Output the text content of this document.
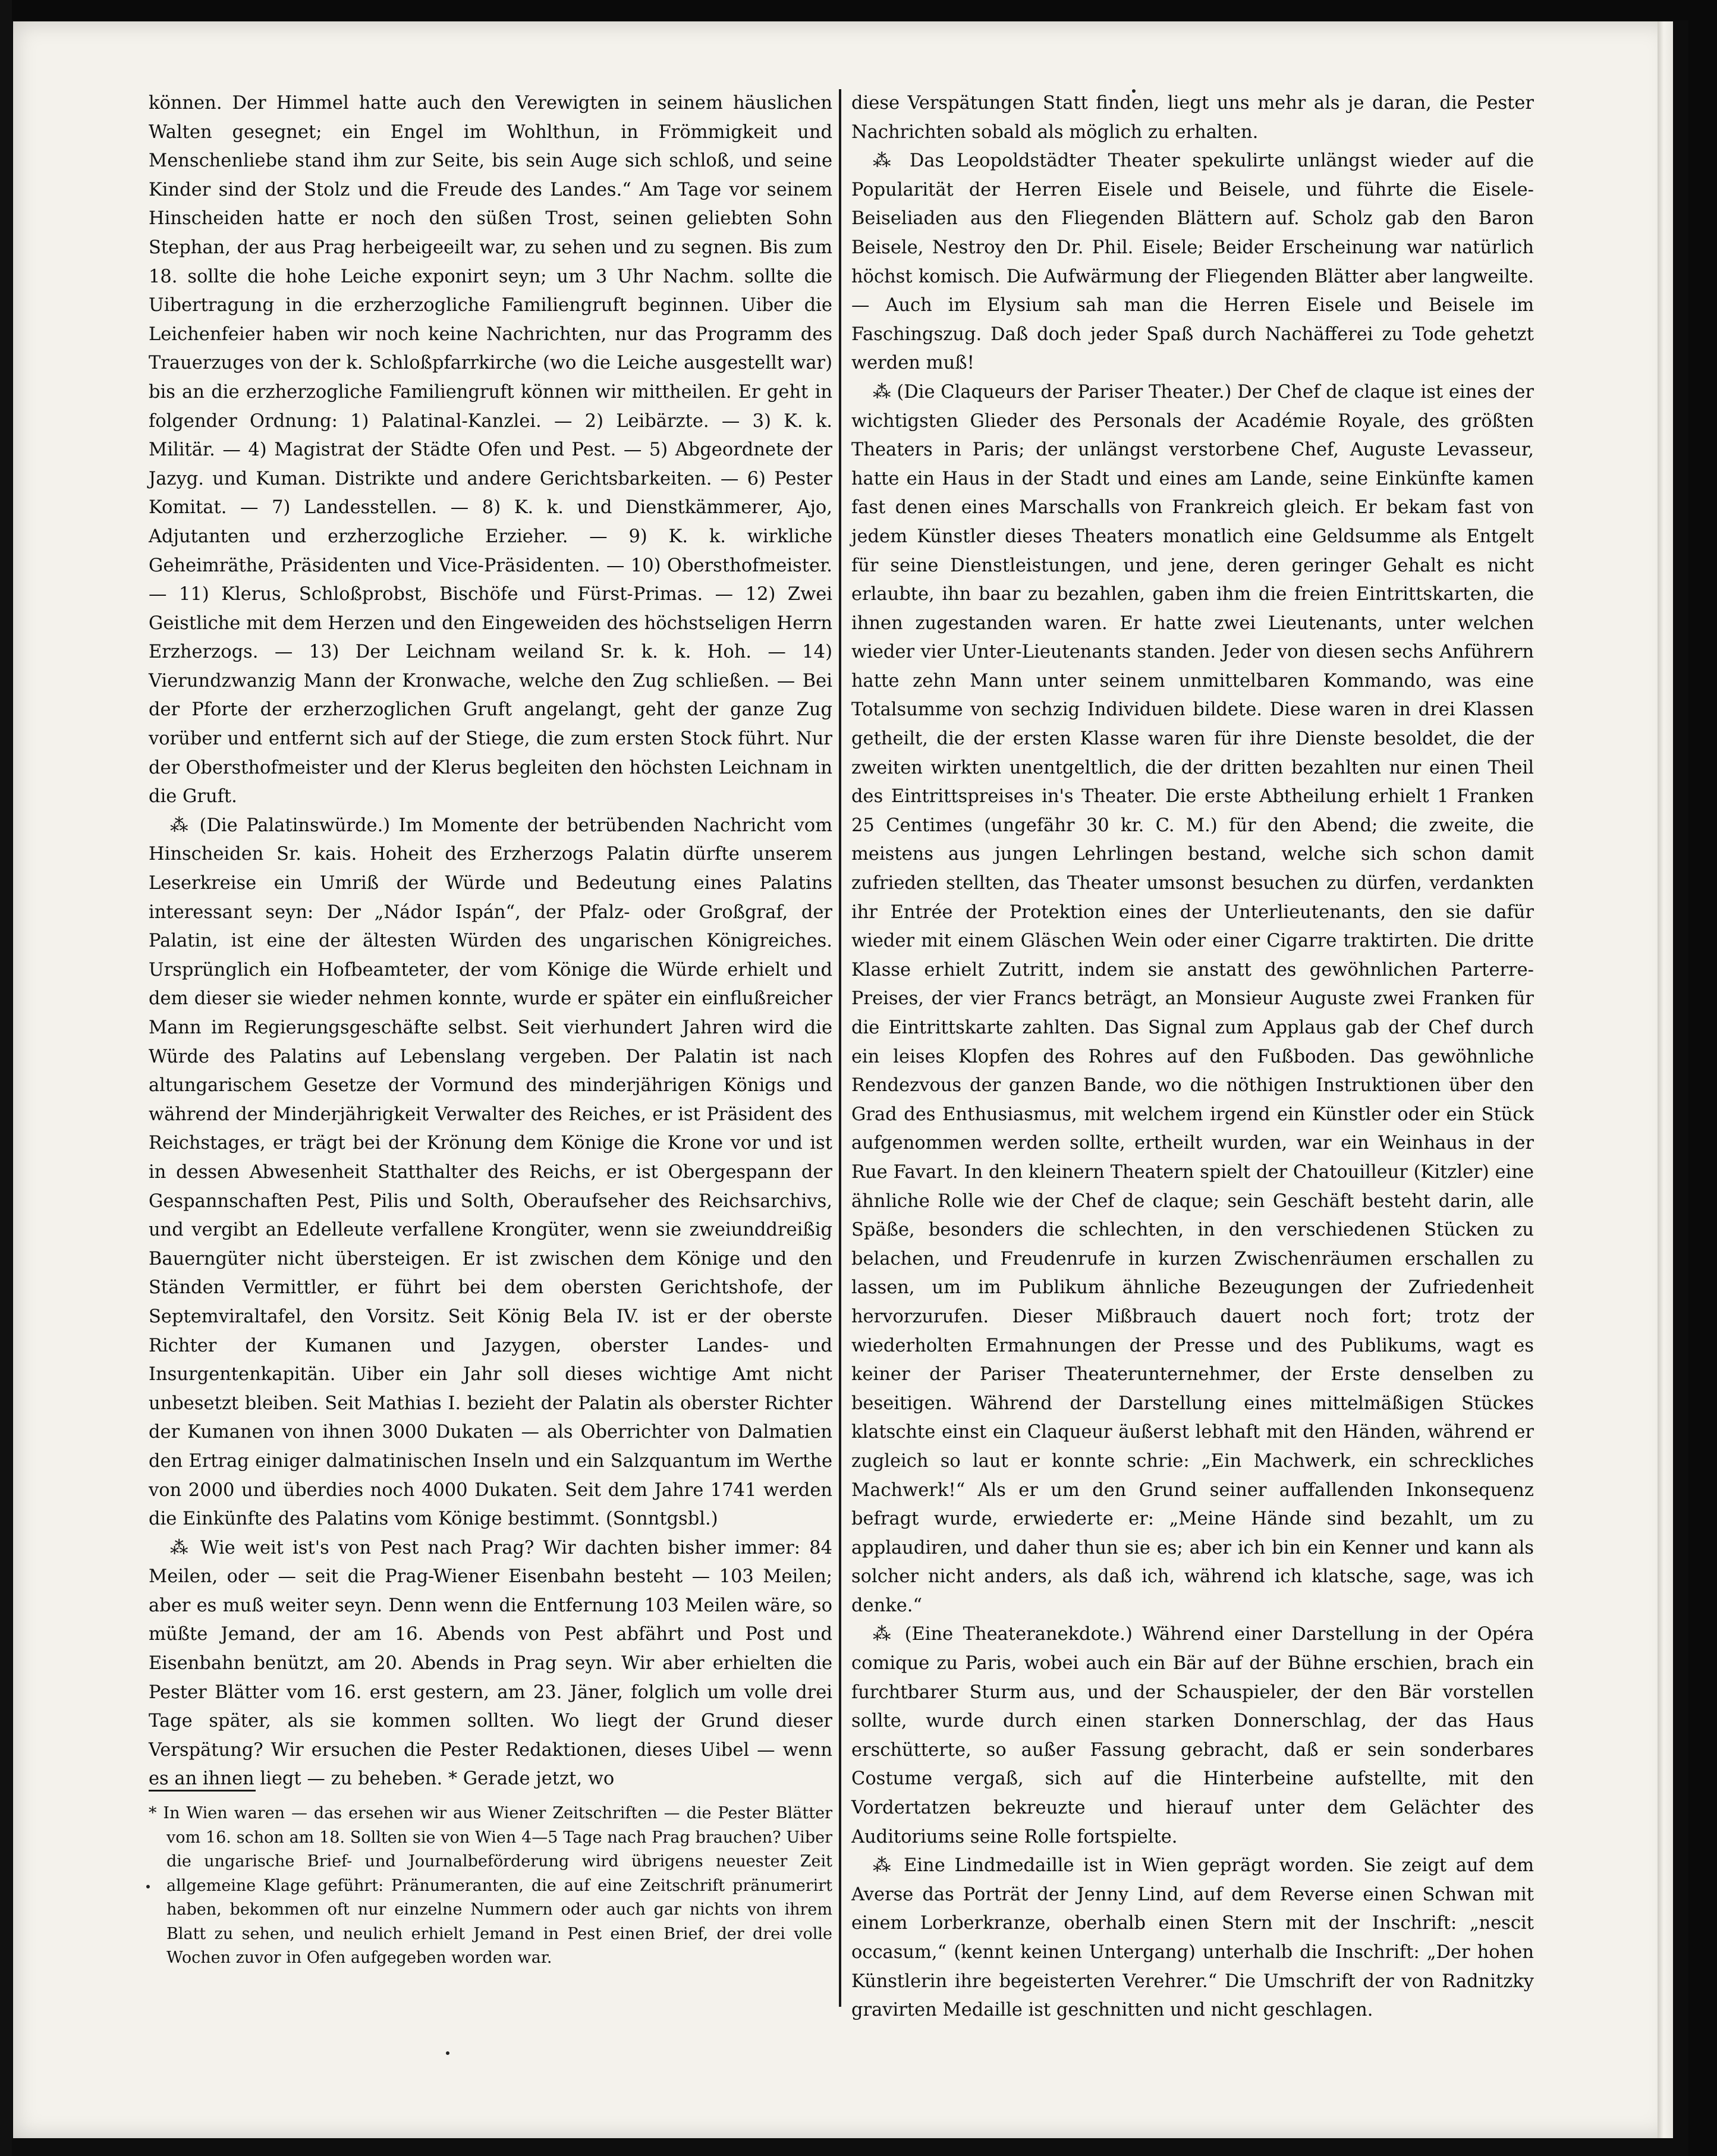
können. Der Himmel hatte auch den Verewigten in seinem häuslichen Walten gesegnet; ein Engel im Wohlthun, in Frömmigkeit und Menschenliebe stand ihm zur Seite, bis sein Auge sich schloß, und seine Kinder sind der Stolz und die Freude des Landes.“ Am Tage vor seinem Hinscheiden hatte er noch den süßen Trost, seinen geliebten Sohn Stephan, der aus Prag herbeigeeilt war, zu sehen und zu segnen. Bis zum 18. sollte die hohe Leiche exponirt seyn; um 3 Uhr Nachm. sollte die Uibertragung in die erzherzogliche Familiengruft beginnen. Uiber die Leichenfeier haben wir noch keine Nachrichten, nur das Programm des Trauerzuges von der k. Schloßpfarrkirche (wo die Leiche ausgestellt war) bis an die erzherzogliche Familiengruft können wir mittheilen. Er geht in folgender Ordnung: 1) Palatinal-Kanzlei. — 2) Leibärzte. — 3) K. k. Militär. — 4) Magistrat der Städte Ofen und Pest. — 5) Abgeordnete der Jazyg. und Kuman. Distrikte und andere Gerichtsbarkeiten. — 6) Pester Komitat. — 7) Landesstellen. — 8) K. k. und Dienstkämmerer, Ajo, Adjutanten und erzherzogliche Erzieher. — 9) K. k. wirkliche Geheimräthe, Präsidenten und Vice-Präsidenten. — 10) Obersthofmeister. — 11) Klerus, Schloßprobst, Bischöfe und Fürst-Primas. — 12) Zwei Geistliche mit dem Herzen und den Eingeweiden des höchstseligen Herrn Erzherzogs. — 13) Der Leichnam weiland Sr. k. k. Hoh. — 14) Vierundzwanzig Mann der Kronwache, welche den Zug schließen. — Bei der Pforte der erzherzoglichen Gruft angelangt, geht der ganze Zug vorüber und entfernt sich auf der Stiege, die zum ersten Stock führt. Nur der Obersthofmeister und der Klerus begleiten den höchsten Leichnam in die Gruft.

⁂ (Die Palatinswürde.) Im Momente der betrübenden Nachricht vom Hinscheiden Sr. kais. Hoheit des Erzherzogs Palatin dürfte unserem Leserkreise ein Umriß der Würde und Bedeutung eines Palatins interessant seyn: Der „Nádor Ispán“, der Pfalz- oder Großgraf, der Palatin, ist eine der ältesten Würden des ungarischen Königreiches. Ursprünglich ein Hofbeamteter, der vom Könige die Würde erhielt und dem dieser sie wieder nehmen konnte, wurde er später ein einflußreicher Mann im Regierungsgeschäfte selbst. Seit vierhundert Jahren wird die Würde des Palatins auf Lebenslang vergeben. Der Palatin ist nach altungarischem Gesetze der Vormund des minderjährigen Königs und während der Minderjährigkeit Verwalter des Reiches, er ist Präsident des Reichstages, er trägt bei der Krönung dem Könige die Krone vor und ist in dessen Abwesenheit Statthalter des Reichs, er ist Obergespann der Gespannschaften Pest, Pilis und Solth, Oberaufseher des Reichsarchivs, und vergibt an Edelleute verfallene Krongüter, wenn sie zweiunddreißig Bauerngüter nicht übersteigen. Er ist zwischen dem Könige und den Ständen Vermittler, er führt bei dem obersten Gerichtshofe, der Septemviraltafel, den Vorsitz. Seit König Bela IV. ist er der oberste Richter der Kumanen und Jazygen, oberster Landes- und Insurgentenkapitän. Uiber ein Jahr soll dieses wichtige Amt nicht unbesetzt bleiben. Seit Mathias I. bezieht der Palatin als oberster Richter der Kumanen von ihnen 3000 Dukaten — als Oberrichter von Dalmatien den Ertrag einiger dalmatinischen Inseln und ein Salzquantum im Werthe von 2000 und überdies noch 4000 Dukaten. Seit dem Jahre 1741 werden die Einkünfte des Palatins vom Könige bestimmt. (Sonntgsbl.)

⁂ Wie weit ist's von Pest nach Prag? Wir dachten bisher immer: 84 Meilen, oder — seit die Prag-Wiener Eisenbahn besteht — 103 Meilen; aber es muß weiter seyn. Denn wenn die Entfernung 103 Meilen wäre, so müßte Jemand, der am 16. Abends von Pest abfährt und Post und Eisenbahn benützt, am 20. Abends in Prag seyn. Wir aber erhielten die Pester Blätter vom 16. erst gestern, am 23. Jäner, folglich um volle drei Tage später, als sie kommen sollten. Wo liegt der Grund dieser Verspätung? Wir ersuchen die Pester Redaktionen, dieses Uibel — wenn es an ihnen liegt — zu beheben. * Gerade jetzt, wo

* In Wien waren — das ersehen wir aus Wiener Zeitschriften — die Pester Blätter vom 16. schon am 18. Sollten sie von Wien 4—5 Tage nach Prag brauchen? Uiber die ungarische Brief- und Journalbeförderung wird übrigens neuester Zeit allgemeine Klage geführt: Pränumeranten, die auf eine Zeitschrift pränumerirt haben, bekommen oft nur einzelne Nummern oder auch gar nichts von ihrem Blatt zu sehen, und neulich erhielt Jemand in Pest einen Brief, der drei volle Wochen zuvor in Ofen aufgegeben worden war.

diese Verspätungen Statt finden, liegt uns mehr als je daran, die Pester Nachrichten sobald als möglich zu erhalten.

⁂ Das Leopoldstädter Theater spekulirte unlängst wieder auf die Popularität der Herren Eisele und Beisele, und führte die Eisele-Beiseliaden aus den Fliegenden Blättern auf. Scholz gab den Baron Beisele, Nestroy den Dr. Phil. Eisele; Beider Erscheinung war natürlich höchst komisch. Die Aufwärmung der Fliegenden Blätter aber langweilte. — Auch im Elysium sah man die Herren Eisele und Beisele im Faschingszug. Daß doch jeder Spaß durch Nachäfferei zu Tode gehetzt werden muß!

⁂ (Die Claqueurs der Pariser Theater.) Der Chef de claque ist eines der wichtigsten Glieder des Personals der Académie Royale, des größten Theaters in Paris; der unlängst verstorbene Chef, Auguste Levasseur, hatte ein Haus in der Stadt und eines am Lande, seine Einkünfte kamen fast denen eines Marschalls von Frankreich gleich. Er bekam fast von jedem Künstler dieses Theaters monatlich eine Geldsumme als Entgelt für seine Dienstleistungen, und jene, deren geringer Gehalt es nicht erlaubte, ihn baar zu bezahlen, gaben ihm die freien Eintrittskarten, die ihnen zugestanden waren. Er hatte zwei Lieutenants, unter welchen wieder vier Unter-Lieutenants standen. Jeder von diesen sechs Anführern hatte zehn Mann unter seinem unmittelbaren Kommando, was eine Totalsumme von sechzig Individuen bildete. Diese waren in drei Klassen getheilt, die der ersten Klasse waren für ihre Dienste besoldet, die der zweiten wirkten unentgeltlich, die der dritten bezahlten nur einen Theil des Eintrittspreises in's Theater. Die erste Abtheilung erhielt 1 Franken 25 Centimes (ungefähr 30 kr. C. M.) für den Abend; die zweite, die meistens aus jungen Lehrlingen bestand, welche sich schon damit zufrieden stellten, das Theater umsonst besuchen zu dürfen, verdankten ihr Entrée der Protektion eines der Unterlieutenants, den sie dafür wieder mit einem Gläschen Wein oder einer Cigarre traktirten. Die dritte Klasse erhielt Zutritt, indem sie anstatt des gewöhnlichen Parterre-Preises, der vier Francs beträgt, an Monsieur Auguste zwei Franken für die Eintrittskarte zahlten. Das Signal zum Applaus gab der Chef durch ein leises Klopfen des Rohres auf den Fußboden. Das gewöhnliche Rendezvous der ganzen Bande, wo die nöthigen Instruktionen über den Grad des Enthusiasmus, mit welchem irgend ein Künstler oder ein Stück aufgenommen werden sollte, ertheilt wurden, war ein Weinhaus in der Rue Favart. In den kleinern Theatern spielt der Chatouilleur (Kitzler) eine ähnliche Rolle wie der Chef de claque; sein Geschäft besteht darin, alle Späße, besonders die schlechten, in den verschiedenen Stücken zu belachen, und Freudenrufe in kurzen Zwischenräumen erschallen zu lassen, um im Publikum ähnliche Bezeugungen der Zufriedenheit hervorzurufen. Dieser Mißbrauch dauert noch fort; trotz der wiederholten Ermahnungen der Presse und des Publikums, wagt es keiner der Pariser Theaterunternehmer, der Erste denselben zu beseitigen. Während der Darstellung eines mittelmäßigen Stückes klatschte einst ein Claqueur äußerst lebhaft mit den Händen, während er zugleich so laut er konnte schrie: „Ein Machwerk, ein schreckliches Machwerk!“ Als er um den Grund seiner auffallenden Inkonsequenz befragt wurde, erwiederte er: „Meine Hände sind bezahlt, um zu applaudiren, und daher thun sie es; aber ich bin ein Kenner und kann als solcher nicht anders, als daß ich, während ich klatsche, sage, was ich denke.“

⁂ (Eine Theateranekdote.) Während einer Darstellung in der Opéra comique zu Paris, wobei auch ein Bär auf der Bühne erschien, brach ein furchtbarer Sturm aus, und der Schauspieler, der den Bär vorstellen sollte, wurde durch einen starken Donnerschlag, der das Haus erschütterte, so außer Fassung gebracht, daß er sein sonderbares Costume vergaß, sich auf die Hinterbeine aufstellte, mit den Vordertatzen bekreuzte und hierauf unter dem Gelächter des Auditoriums seine Rolle fortspielte.

⁂ Eine Lindmedaille ist in Wien geprägt worden. Sie zeigt auf dem Averse das Porträt der Jenny Lind, auf dem Reverse einen Schwan mit einem Lorberkranze, oberhalb einen Stern mit der Inschrift: „nescit occasum,“ (kennt keinen Untergang) unterhalb die Inschrift: „Der hohen Künstlerin ihre begeisterten Verehrer.“ Die Umschrift der von Radnitzky gravirten Medaille ist geschnitten und nicht geschlagen.
